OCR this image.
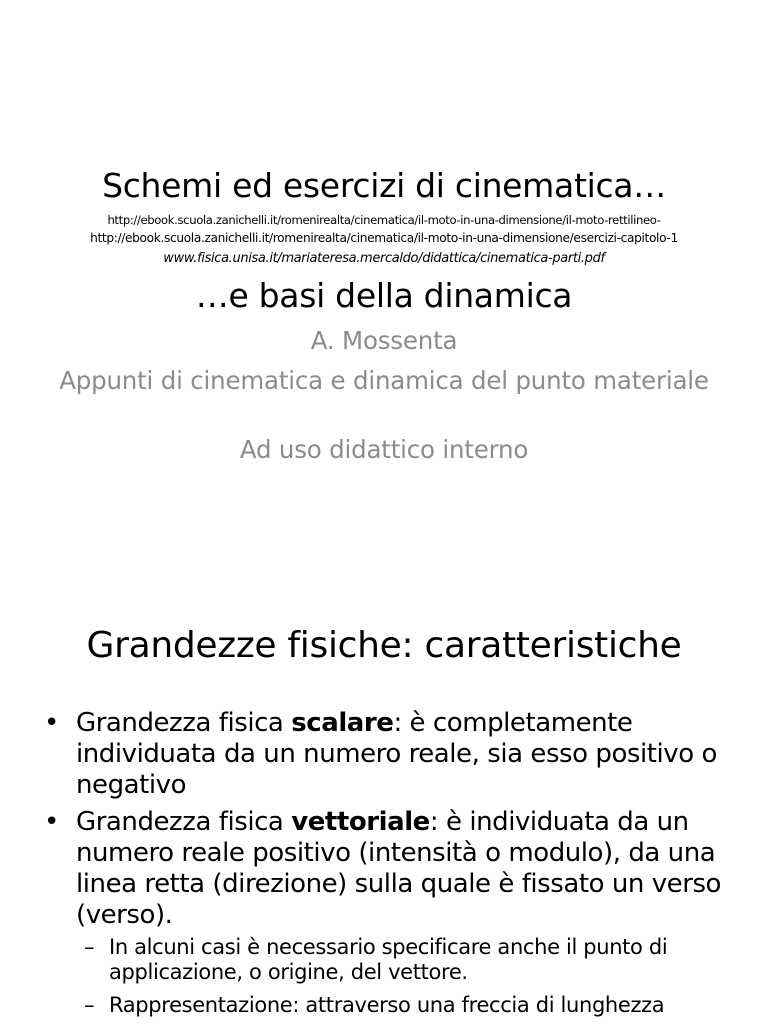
Schemi ed esercizi di cinematica…
http://ebook.scuola.zanichelli.it/romenirealta/cinematica/il-moto-in-una-dimensione/il-moto-rettilineo-
http://ebook.scuola.zanichelli.it/romenirealta/cinematica/il-moto-in-una-dimensione/esercizi-capitolo-1
www.fisica.unisa.it/mariateresa.mercaldo/didattica/cinematica-parti.pdf
…e basi della dinamica
A. Mossenta
Appunti di cinematica e dinamica del punto materiale
Ad uso didattico interno
Grandezze fisiche: caratteristiche
• Grandezza fisica scalare: è completamente individuata da un numero reale, sia esso positivo o negativo
• Grandezza fisica vettoriale: è individuata da un numero reale positivo (intensità o modulo), da una linea retta (direzione) sulla quale è fissato un verso (verso).
– In alcuni casi è necessario specificare anche il punto di applicazione, o origine, del vettore.
– Rappresentazione: attraverso una freccia di lunghezza
